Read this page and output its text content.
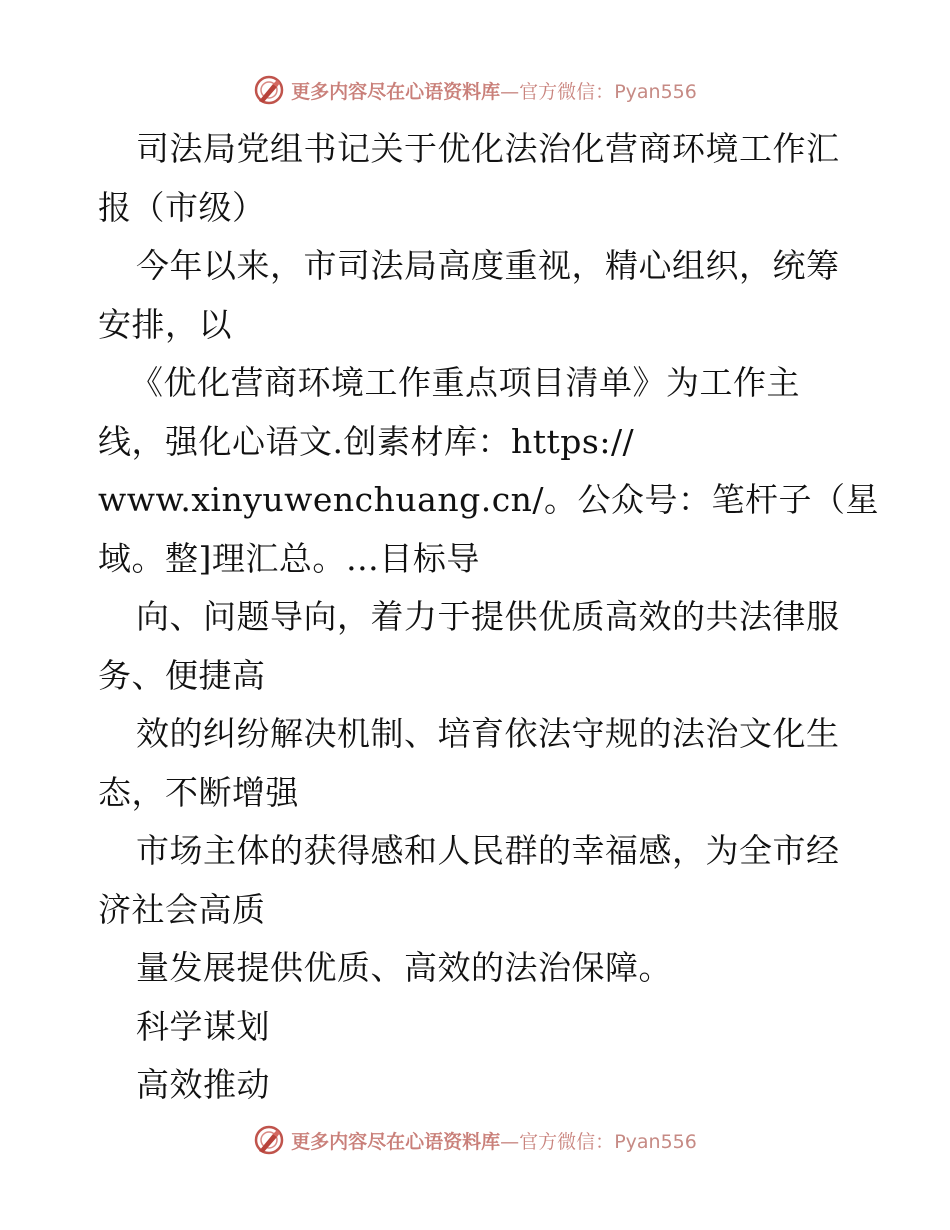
更多内容尽在心语资料库—官方微信：Pyan556
司法局党组书记关于优化法治化营商环境工作汇
报（市级）
今年以来，市司法局高度重视，精心组织，统筹
安排，以
《优化营商环境工作重点项目清单》为工作主
线，强化心语文.创素材库：https://
www.xinyuwenchuang.cn/。公众号：笔杆子（星
域。整]理汇总。…目标导
向、问题导向，着力于提供优质高效的共法律服
务、便捷高
效的纠纷解决机制、培育依法守规的法治文化生
态，不断增强
市场主体的获得感和人民群的幸福感，为全市经
济社会高质
量发展提供优质、高效的法治保障。
科学谋划
高效推动
更多内容尽在心语资料库—官方微信：Pyan556
